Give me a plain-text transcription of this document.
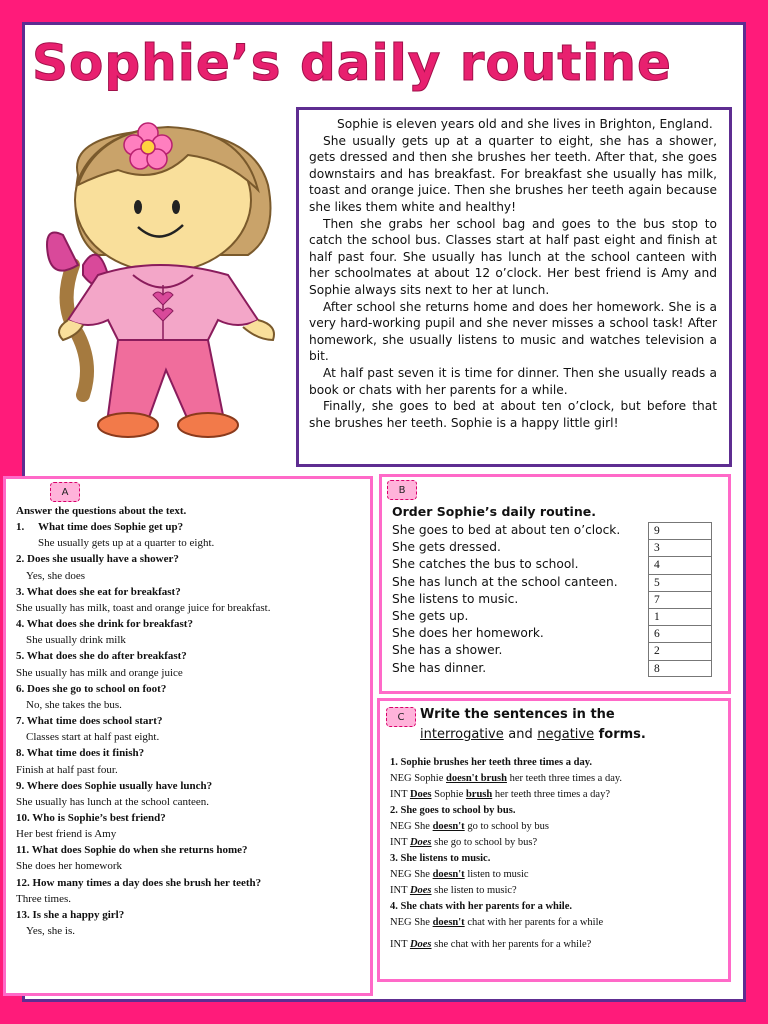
Sophie’s daily routine

Sophie is eleven years old and she lives in Brighton, England.

She usually gets up at a quarter to eight, she has a shower, gets dressed and then she brushes her teeth. After that, she goes downstairs and has breakfast. For breakfast she usually has milk, toast and orange juice. Then she brushes her teeth again because she likes them white and healthy!

Then she grabs her school bag and goes to the bus stop to catch the school bus. Classes start at half past eight and finish at half past four. She usually has lunch at the school canteen with her schoolmates at about 12 o’clock. Her best friend is Amy and Sophie always sits next to her at lunch.

After school she returns home and does her homework. She is a very hard-working pupil and she never misses a school task! After homework, she usually listens to music and watches television a bit.

At half past seven it is time for dinner. Then she usually reads a book or chats with her parents for a while.

Finally, she goes to bed at about ten o’clock, but before that she brushes her teeth. Sophie is a happy little girl!

A
Answer the questions about the text.
1. What time does Sophie get up?
She usually gets up at a quarter to eight.
2. Does she usually have a shower?
Yes, she does
3. What does she eat for breakfast?
She usually has milk, toast and orange juice for breakfast.
4. What does she drink for breakfast?
She usually drink milk
5. What does she do after breakfast?
She usually has milk and orange juice
6. Does she go to school on foot?
No, she takes the bus.
7. What time does school start?
Classes start at half past eight.
8. What time does it finish?
Finish at half past four.
9. Where does Sophie usually have lunch?
She usually has lunch at the school canteen.
10. Who is Sophie’s best friend?
Her best friend is Amy
11. What does Sophie do when she returns home?
She does her homework
12. How many times a day does she brush her teeth?
Three times.
13. Is she a happy girl?
Yes, she is.
B
Order Sophie’s daily routine.
She goes to bed at about ten o’clock.	9
She gets dressed.	3
She catches the bus to school.	4
She has lunch at the school canteen.	5
She listens to music.	7
She gets up.	1
She does her homework.	6
She has a shower.	2
She has dinner.	8
C	Write the sentences in the
interrogative and negative forms.
1. Sophie brushes her teeth three times a day.
NEG Sophie doesn't brush her teeth three times a day.
INT Does Sophie brush her teeth three times a day?
2. She goes to school by bus.
NEG She doesn't go to school by bus
INT Does she go to school by bus?
3. She listens to music.
NEG She doesn't listen to music
INT Does she listen to music?
4. She chats with her parents for a while.
NEG She doesn't chat with her parents for a while
INT Does she chat with her parents for a while?
